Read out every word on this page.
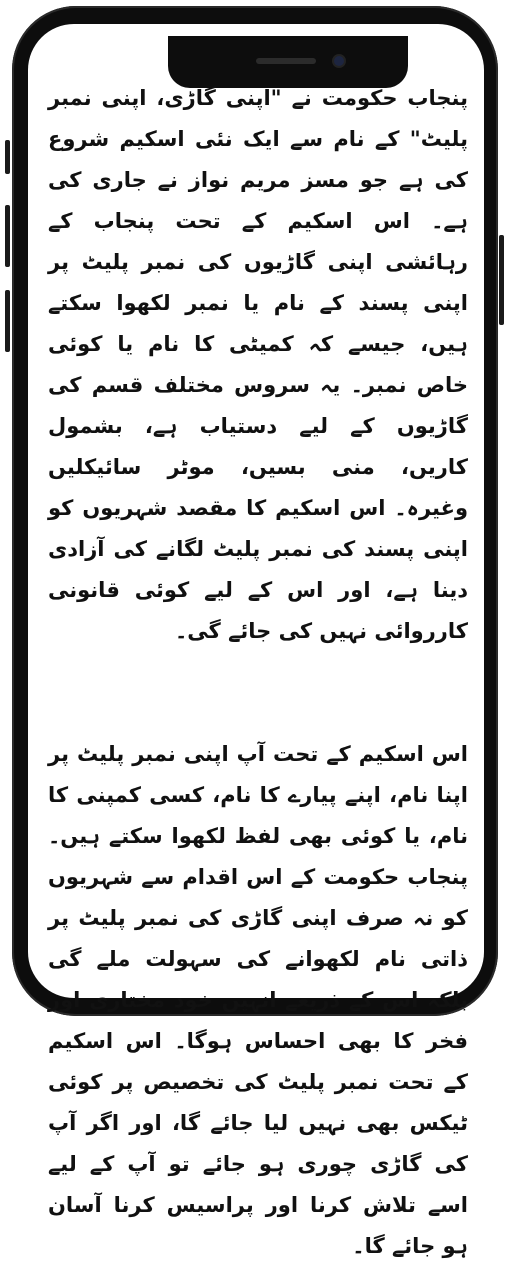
پنجاب حکومت نے "اپنی گاڑی، اپنی نمبر پلیٹ" کے نام سے ایک نئی اسکیم شروع کی ہے جو مسز مریم نواز نے جاری کی ہے۔ اس اسکیم کے تحت پنجاب کے رہائشی اپنی گاڑیوں کی نمبر پلیٹ پر اپنی پسند کے نام یا نمبر لکھوا سکتے ہیں، جیسے کہ کمیٹی کا نام یا کوئی خاص نمبر۔ یہ سروس مختلف قسم کی گاڑیوں کے لیے دستیاب ہے، بشمول کاریں، منی بسیں، موٹر سائیکلیں وغیرہ۔ اس اسکیم کا مقصد شہریوں کو اپنی پسند کی نمبر پلیٹ لگانے کی آزادی دینا ہے، اور اس کے لیے کوئی قانونی کارروائی نہیں کی جائے گی۔

اس اسکیم کے تحت آپ اپنی نمبر پلیٹ پر اپنا نام، اپنے پیارے کا نام، کسی کمپنی کا نام، یا کوئی بھی لفظ لکھوا سکتے ہیں۔ پنجاب حکومت کے اس اقدام سے شہریوں کو نہ صرف اپنی گاڑی کی نمبر پلیٹ پر ذاتی نام لکھوانے کی سہولت ملے گی بلکہ اس کے ذریعے انہیں خود مختاری اور فخر کا بھی احساس ہوگا۔ اس اسکیم کے تحت نمبر پلیٹ کی تخصیص پر کوئی ٹیکس بھی نہیں لیا جائے گا، اور اگر آپ کی گاڑی چوری ہو جائے تو آپ کے لیے اسے تلاش کرنا اور پراسیس کرنا آسان ہو جائے گا۔
